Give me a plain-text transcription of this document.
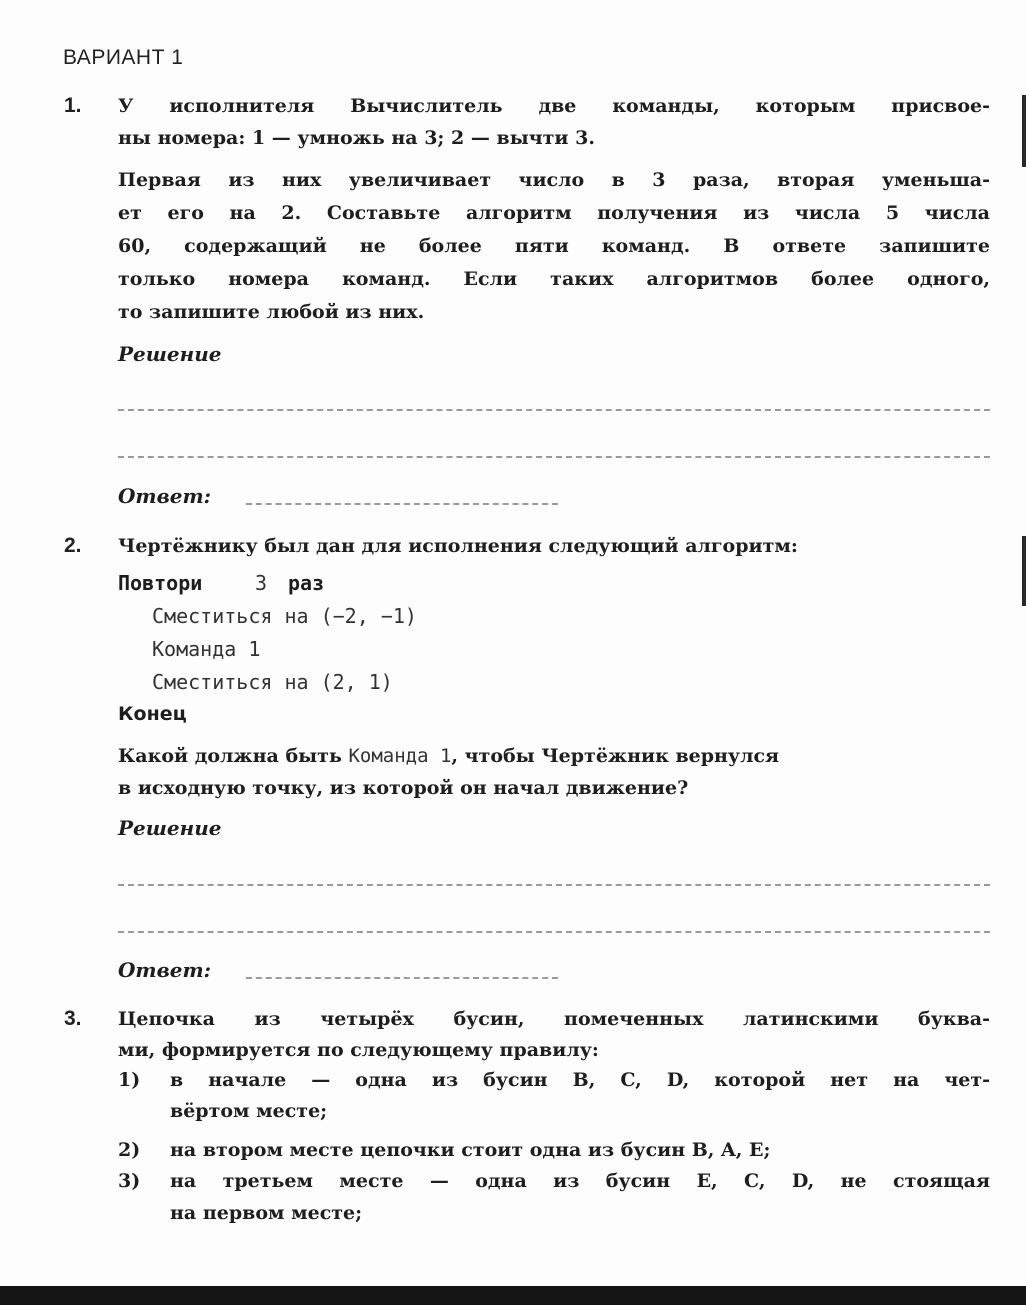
ВАРИАНТ 1
1. У исполнителя Вычислитель две команды, которым присвое-
ны номера: 1 — умножь на 3; 2 — вычти 3.
Первая из них увеличивает число в 3 раза, вторая уменьша-
ет его на 2. Составьте алгоритм получения из числа 5 числа
60, содержащий не более пяти команд. В ответе запишите
только номера команд. Если таких алгоритмов более одного,
то запишите любой из них.
Решение
Ответ:
2. Чертёжнику был дан для исполнения следующий алгоритм:
Повтори	3 раз
Сместиться на (−2, −1)
Команда 1
Сместиться на (2, 1)
Конец
Какой должна быть Команда 1, чтобы Чертёжник вернулся
в исходную точку, из которой он начал движение?
Решение
Ответ:
3. Цепочка из четырёх бусин, помеченных латинскими буква-
ми, формируется по следующему правилу:
1) в начале — одна из бусин B, C, D, которой нет на чет-
вёртом месте;
2) на втором месте цепочки стоит одна из бусин B, A, E;
3) на третьем месте — одна из бусин E, C, D, не стоящая
на первом месте;
